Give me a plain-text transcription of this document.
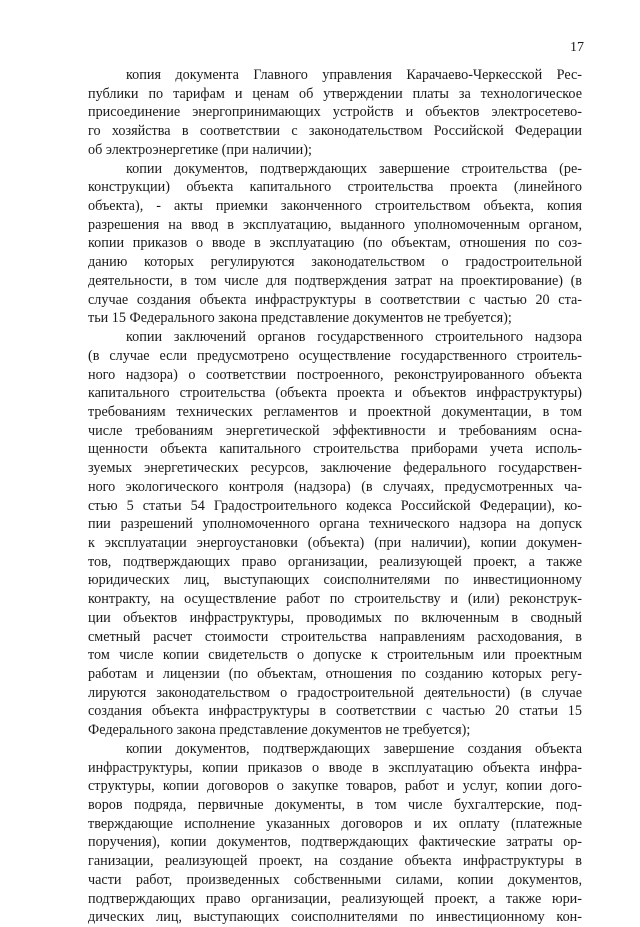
17
копия документа Главного управления Карачаево-Черкесской Рес-
публики по тарифам и ценам об утверждении платы за технологическое
присоединение энергопринимающих устройств и объектов электросетево-
го хозяйства в соответствии с законодательством Российской Федерации
об электроэнергетике (при наличии);
копии документов, подтверждающих завершение строительства (ре-
конструкции) объекта капитального строительства проекта (линейного
объекта), - акты приемки законченного строительством объекта, копия
разрешения на ввод в эксплуатацию, выданного уполномоченным органом,
копии приказов о вводе в эксплуатацию (по объектам, отношения по соз-
данию которых регулируются законодательством о градостроительной
деятельности, в том числе для подтверждения затрат на проектирование) (в
случае создания объекта инфраструктуры в соответствии с частью 20 ста-
тьи 15 Федерального закона представление документов не требуется);
копии заключений органов государственного строительного надзора
(в случае если предусмотрено осуществление государственного строитель-
ного надзора) о соответствии построенного, реконструированного объекта
капитального строительства (объекта проекта и объектов инфраструктуры)
требованиям технических регламентов и проектной документации, в том
числе требованиям энергетической эффективности и требованиям осна-
щенности объекта капитального строительства приборами учета исполь-
зуемых энергетических ресурсов, заключение федерального государствен-
ного экологического контроля (надзора) (в случаях, предусмотренных ча-
стью 5 статьи 54 Градостроительного кодекса Российской Федерации), ко-
пии разрешений уполномоченного органа технического надзора на допуск
к эксплуатации энергоустановки (объекта) (при наличии), копии докумен-
тов, подтверждающих право организации, реализующей проект, а также
юридических лиц, выступающих соисполнителями по инвестиционному
контракту, на осуществление работ по строительству и (или) реконструк-
ции объектов инфраструктуры, проводимых по включенным в сводный
сметный расчет стоимости строительства направлениям расходования, в
том числе копии свидетельств о допуске к строительным или проектным
работам и лицензии (по объектам, отношения по созданию которых регу-
лируются законодательством о градостроительной деятельности) (в случае
создания объекта инфраструктуры в соответствии с частью 20 статьи 15
Федерального закона представление документов не требуется);
копии документов, подтверждающих завершение создания объекта
инфраструктуры, копии приказов о вводе в эксплуатацию объекта инфра-
структуры, копии договоров о закупке товаров, работ и услуг, копии дого-
воров подряда, первичные документы, в том числе бухгалтерские, под-
тверждающие исполнение указанных договоров и их оплату (платежные
поручения), копии документов, подтверждающих фактические затраты ор-
ганизации, реализующей проект, на создание объекта инфраструктуры в
части работ, произведенных собственными силами, копии документов,
подтверждающих право организации, реализующей проект, а также юри-
дических лиц, выступающих соисполнителями по инвестиционному кон-
